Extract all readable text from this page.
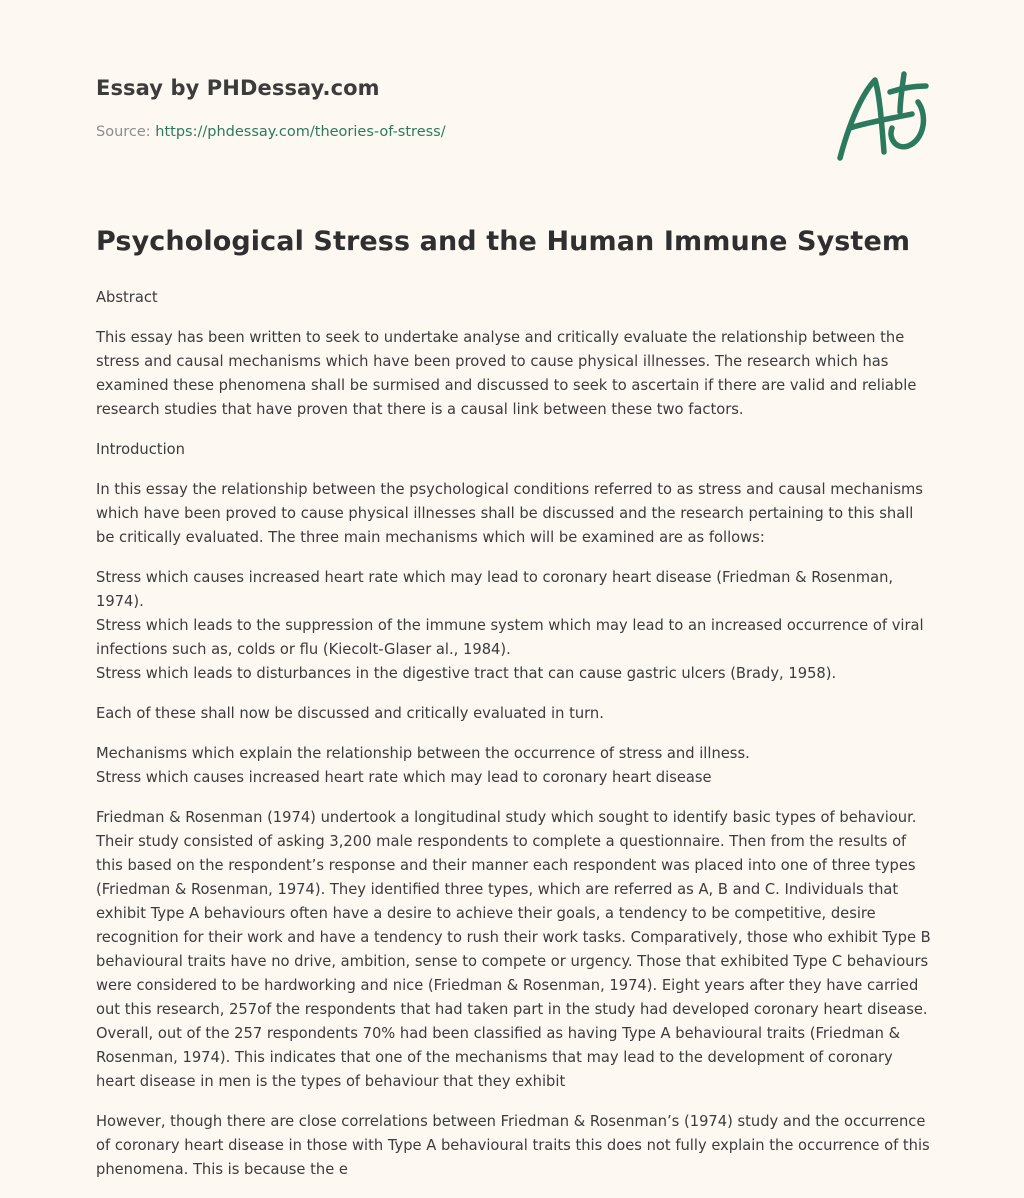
Essay by PHDessay.com
Source: https://phdessay.com/theories-of-stress/
Psychological Stress and the Human Immune System

Abstract

This essay has been written to seek to undertake analyse and critically evaluate the relationship between the stress and causal mechanisms which have been proved to cause physical illnesses. The research which has examined these phenomena shall be surmised and discussed to seek to ascertain if there are valid and reliable research studies that have proven that there is a causal link between these two factors.

Introduction

In this essay the relationship between the psychological conditions referred to as stress and causal mechanisms which have been proved to cause physical illnesses shall be discussed and the research pertaining to this shall be critically evaluated. The three main mechanisms which will be examined are as follows:

Stress which causes increased heart rate which may lead to coronary heart disease (Friedman & Rosenman, 1974).

Stress which leads to the suppression of the immune system which may lead to an increased occurrence of viral infections such as, colds or flu (Kiecolt-Glaser al., 1984).

Stress which leads to disturbances in the digestive tract that can cause gastric ulcers (Brady, 1958).

Each of these shall now be discussed and critically evaluated in turn.

Mechanisms which explain the relationship between the occurrence of stress and illness.

Stress which causes increased heart rate which may lead to coronary heart disease

Friedman & Rosenman (1974) undertook a longitudinal study which sought to identify basic types of behaviour. Their study consisted of asking 3,200 male respondents to complete a questionnaire. Then from the results of this based on the respondent’s response and their manner each respondent was placed into one of three types (Friedman & Rosenman, 1974). They identified three types, which are referred as A, B and C. Individuals that exhibit Type A behaviours often have a desire to achieve their goals, a tendency to be competitive, desire recognition for their work and have a tendency to rush their work tasks. Comparatively, those who exhibit Type B behavioural traits have no drive, ambition, sense to compete or urgency. Those that exhibited Type C behaviours were considered to be hardworking and nice (Friedman & Rosenman, 1974). Eight years after they have carried out this research, 257of the respondents that had taken part in the study had developed coronary heart disease. Overall, out of the 257 respondents 70% had been classified as having Type A behavioural traits (Friedman & Rosenman, 1974). This indicates that one of the mechanisms that may lead to the development of coronary heart disease in men is the types of behaviour that they exhibit

However, though there are close correlations between Friedman & Rosenman’s (1974) study and the occurrence of coronary heart disease in those with Type A behavioural traits this does not fully explain the occurrence of this phenomena. This is because the e
